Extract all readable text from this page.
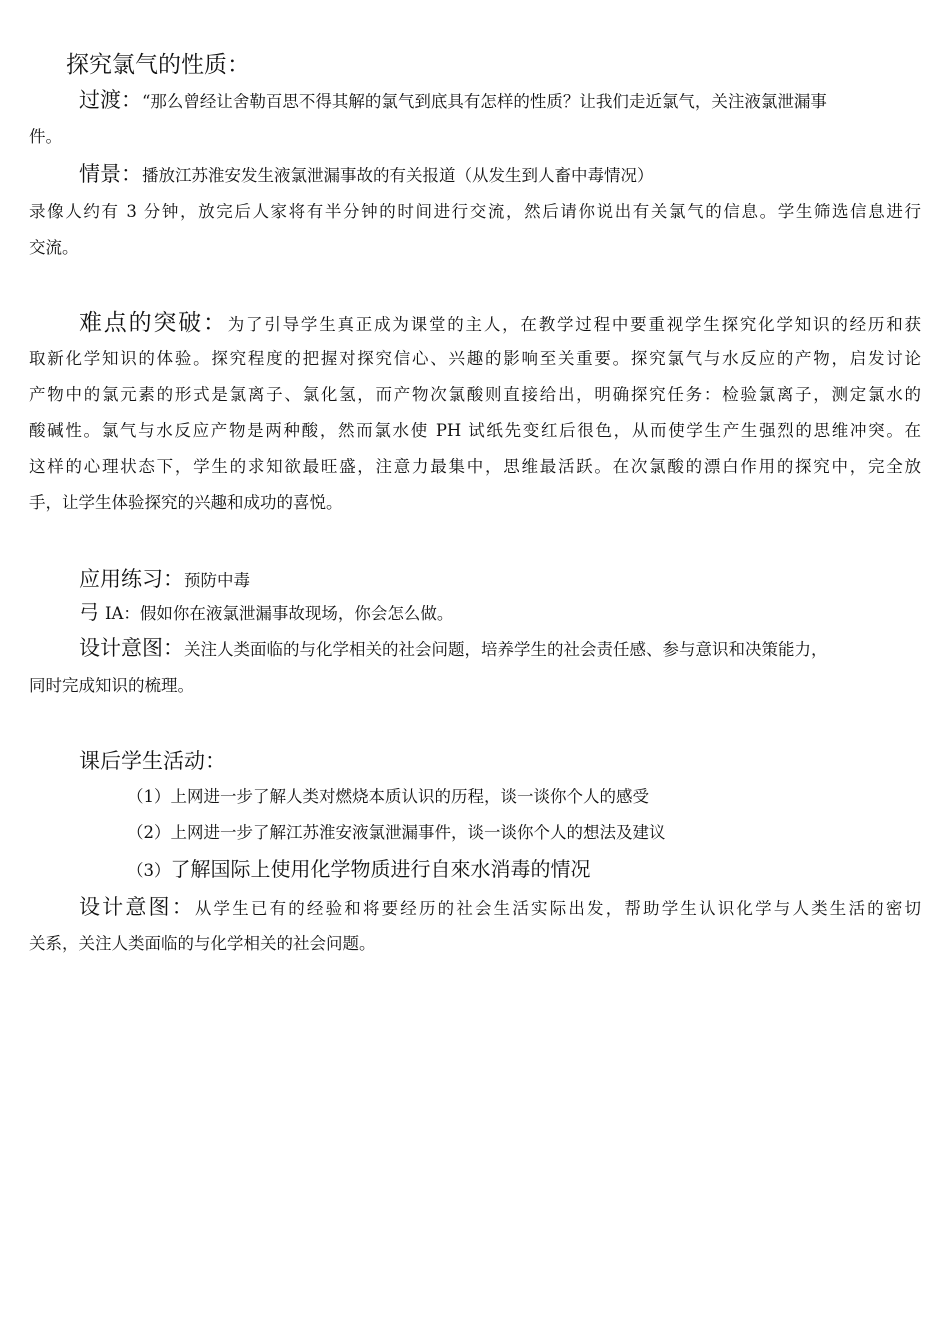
探究氯气的性质：
过渡：“那么曾经让舍勒百思不得其解的氯气到底具有怎样的性质？让我们走近氯气，关注液氯泄漏事
件。
情景：播放江苏淮安发生液氯泄漏事故的有关报道（从发生到人畜中毒情况）
录像人约有 3 分钟，放完后人家将有半分钟的时间进行交流，然后请你说出有关氯气的信息。学生筛选信息进行
交流。
难点的突破：为了引导学生真正成为课堂的主人，在教学过程中要重视学生探究化学知识的经历和获
取新化学知识的体验。探究程度的把握对探究信心、兴趣的影响至关重要。探究氯气与水反应的产物，启发讨论
产物中的氯元素的形式是氯离子、氯化氢，而产物次氯酸则直接给出，明确探究任务：检验氯离子，测定氯水的
酸碱性。氯气与水反应产物是两种酸，然而氯水使 PH 试纸先变红后很色，从而使学生产生强烈的思维冲突。在
这样的心理状态下，学生的求知欲最旺盛，注意力最集中，思维最活跃。在次氯酸的漂白作用的探究中，完全放
手，让学生体验探究的兴趣和成功的喜悦。
应用练习：预防中毒
弓 IA：假如你在液氯泄漏事故现场，你会怎么做。
设计意图：关注人类面临的与化学相关的社会问题，培养学生的社会责任感、参与意识和决策能力，
同时完成知识的梳理。
课后学生活动：
（1）上网进一步了解人类对燃烧本质认识的历程，谈一谈你个人的感受
（2）上网进一步了解江苏淮安液氯泄漏事件，谈一谈你个人的想法及建议
（3）了解国际上使用化学物质进行自來水消毒的情况
设计意图：从学生已有的经验和将要经历的社会生活实际出发，帮助学生认识化学与人类生活的密切
关系，关注人类面临的与化学相关的社会问题。
